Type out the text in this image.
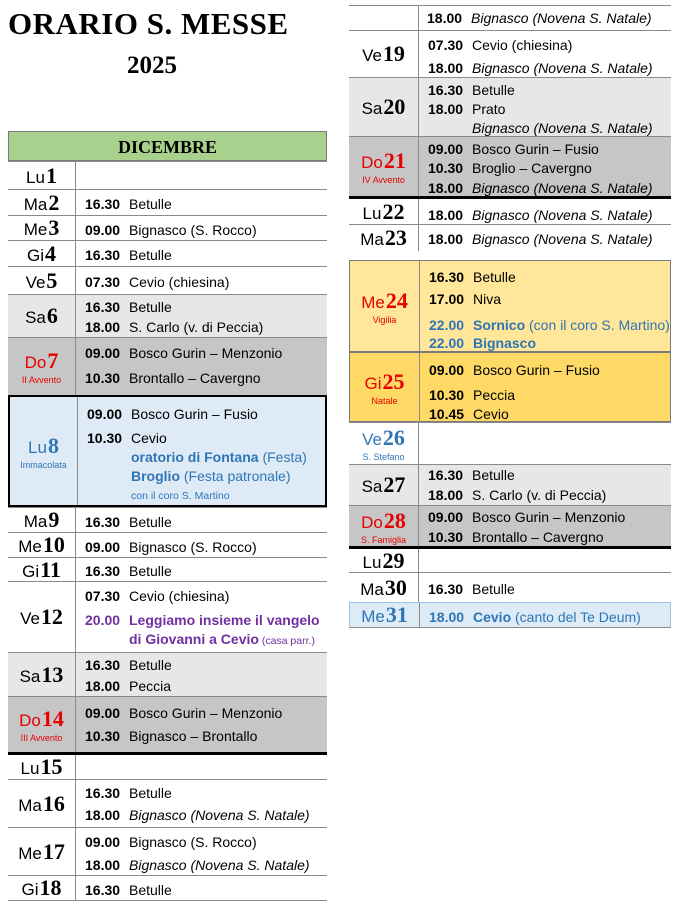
ORARIO S. MESSE
2025
DICEMBRE
18.00 Bignasco (Novena S. Natale)
Lu 1
Ma 2 16.30 Betulle
Me 3 09.00 Bignasco (S. Rocco)
Gi 4 16.30 Betulle
Ve 5 07.30 Cevio (chiesina)
Sa 6 16.30 Betulle
18.00 S. Carlo (v. di Peccia)
Do 7
II Avvento
09.00 Bosco Gurin – Menzonio
10.30 Brontallo – Cavergno
Lu 8
Immacolata
09.00 Bosco Gurin – Fusio
10.30 Cevio
oratorio di Fontana (Festa)
Broglio (Festa patronale)
con il coro S. Martino
Ma 9 16.30 Betulle
Me 10 09.00 Bignasco (S. Rocco)
Gi 11 16.30 Betulle
Ve 12
07.30 Cevio (chiesina)
20.00 Leggiamo insieme il vangelo
di Giovanni a Cevio (casa parr.)
Sa 13 16.30 Betulle
18.00 Peccia
Do 14
III Avvento
09.00 Bosco Gurin – Menzonio
10.30 Bignasco – Brontallo
Lu 15
Ma 16 16.30 Betulle
18.00 Bignasco (Novena S. Natale)
Me 17 09.00 Bignasco (S. Rocco)
18.00 Bignasco (Novena S. Natale)
Gi 18 16.30 Betulle
Ve 19 07.30 Cevio (chiesina)
18.00 Bignasco (Novena S. Natale)
Sa 20
16.30 Betulle
18.00 Prato
Bignasco (Novena S. Natale)
Do 21
IV Avvento
09.00 Bosco Gurin – Fusio
10.30 Broglio – Cavergno
18.00 Bignasco (Novena S. Natale)
Lu 22 18.00 Bignasco (Novena S. Natale)
Ma 23 18.00 Bignasco (Novena S. Natale)
Me 24
Vigilia
16.30 Betulle
17.00 Niva
22.00 Sornico (con il coro S. Martino)
22.00 Bignasco
Gi 25
Natale
09.00 Bosco Gurin – Fusio
10.30 Peccia
10.45 Cevio
Ve 26
S. Stefano
Sa 27 16.30 Betulle
18.00 S. Carlo (v. di Peccia)
Do 28
S. Famiglia
09.00 Bosco Gurin – Menzonio
10.30 Brontallo – Cavergno
Lu 29
Ma 30 16.30 Betulle
Me 31 18.00 Cevio (canto del Te Deum)
